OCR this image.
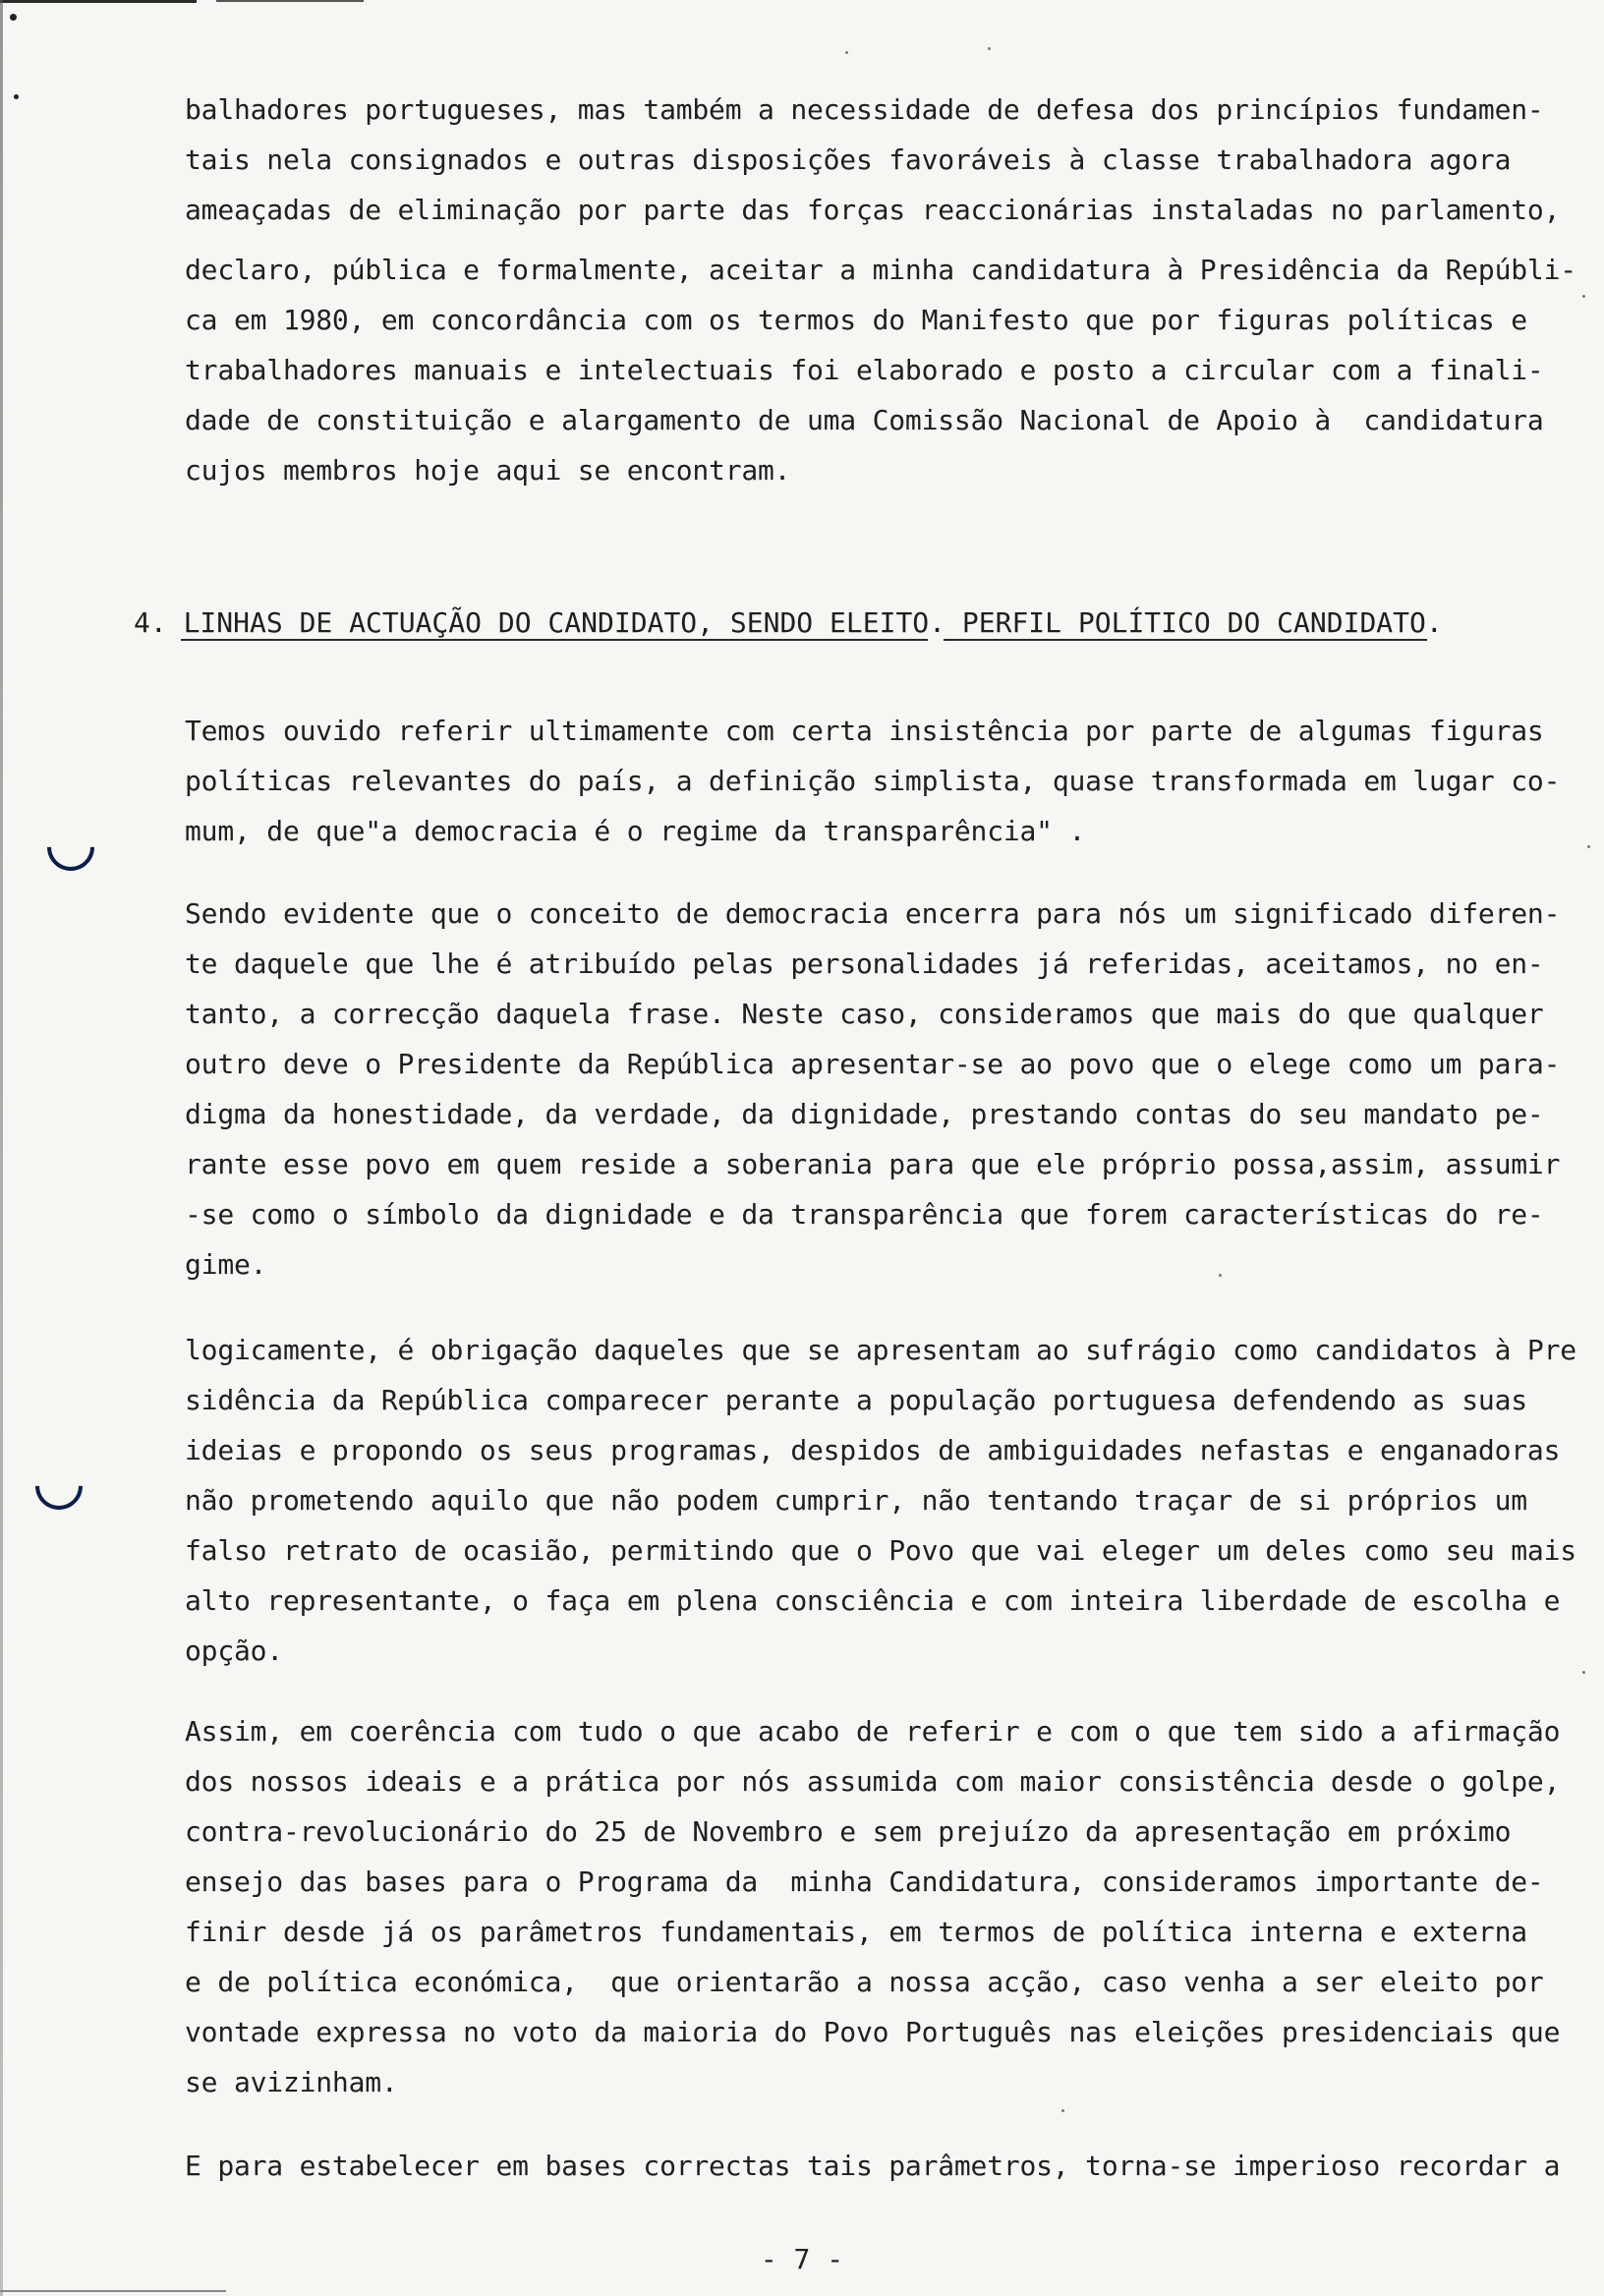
balhadores portugueses, mas também a necessidade de defesa dos princípios fundamen-
tais nela consignados e outras disposições favoráveis à classe trabalhadora agora
ameaçadas de eliminação por parte das forças reaccionárias instaladas no parlamento,
declaro, pública e formalmente, aceitar a minha candidatura à Presidência da Repúbli-
ca em 1980, em concordância com os termos do Manifesto que por figuras políticas e
trabalhadores manuais e intelectuais foi elaborado e posto a circular com a finali-
dade de constituição e alargamento de uma Comissão Nacional de Apoio à  candidatura
cujos membros hoje aqui se encontram.
4. LINHAS DE ACTUAÇÃO DO CANDIDATO, SENDO ELEITO. PERFIL POLÍTICO DO CANDIDATO.
Temos ouvido referir ultimamente com certa insistência por parte de algumas figuras
políticas relevantes do país, a definição simplista, quase transformada em lugar co-
mum, de que"a democracia é o regime da transparência" .
Sendo evidente que o conceito de democracia encerra para nós um significado diferen-
te daquele que lhe é atribuído pelas personalidades já referidas, aceitamos, no en-
tanto, a correcção daquela frase. Neste caso, consideramos que mais do que qualquer
outro deve o Presidente da República apresentar-se ao povo que o elege como um para-
digma da honestidade, da verdade, da dignidade, prestando contas do seu mandato pe-
rante esse povo em quem reside a soberania para que ele próprio possa,assim, assumir
-se como o símbolo da dignidade e da transparência que forem características do re-
gime.
logicamente, é obrigação daqueles que se apresentam ao sufrágio como candidatos à Pre
sidência da República comparecer perante a população portuguesa defendendo as suas
ideias e propondo os seus programas, despidos de ambiguidades nefastas e enganadoras
não prometendo aquilo que não podem cumprir, não tentando traçar de si próprios um
falso retrato de ocasião, permitindo que o Povo que vai eleger um deles como seu mais
alto representante, o faça em plena consciência e com inteira liberdade de escolha e
opção.
Assim, em coerência com tudo o que acabo de referir e com o que tem sido a afirmação
dos nossos ideais e a prática por nós assumida com maior consistência desde o golpe,
contra-revolucionário do 25 de Novembro e sem prejuízo da apresentação em próximo
ensejo das bases para o Programa da  minha Candidatura, consideramos importante de-
finir desde já os parâmetros fundamentais, em termos de política interna e externa
e de política económica,  que orientarão a nossa acção, caso venha a ser eleito por
vontade expressa no voto da maioria do Povo Português nas eleições presidenciais que
se avizinham.
E para estabelecer em bases correctas tais parâmetros, torna-se imperioso recordar a
- 7 -
